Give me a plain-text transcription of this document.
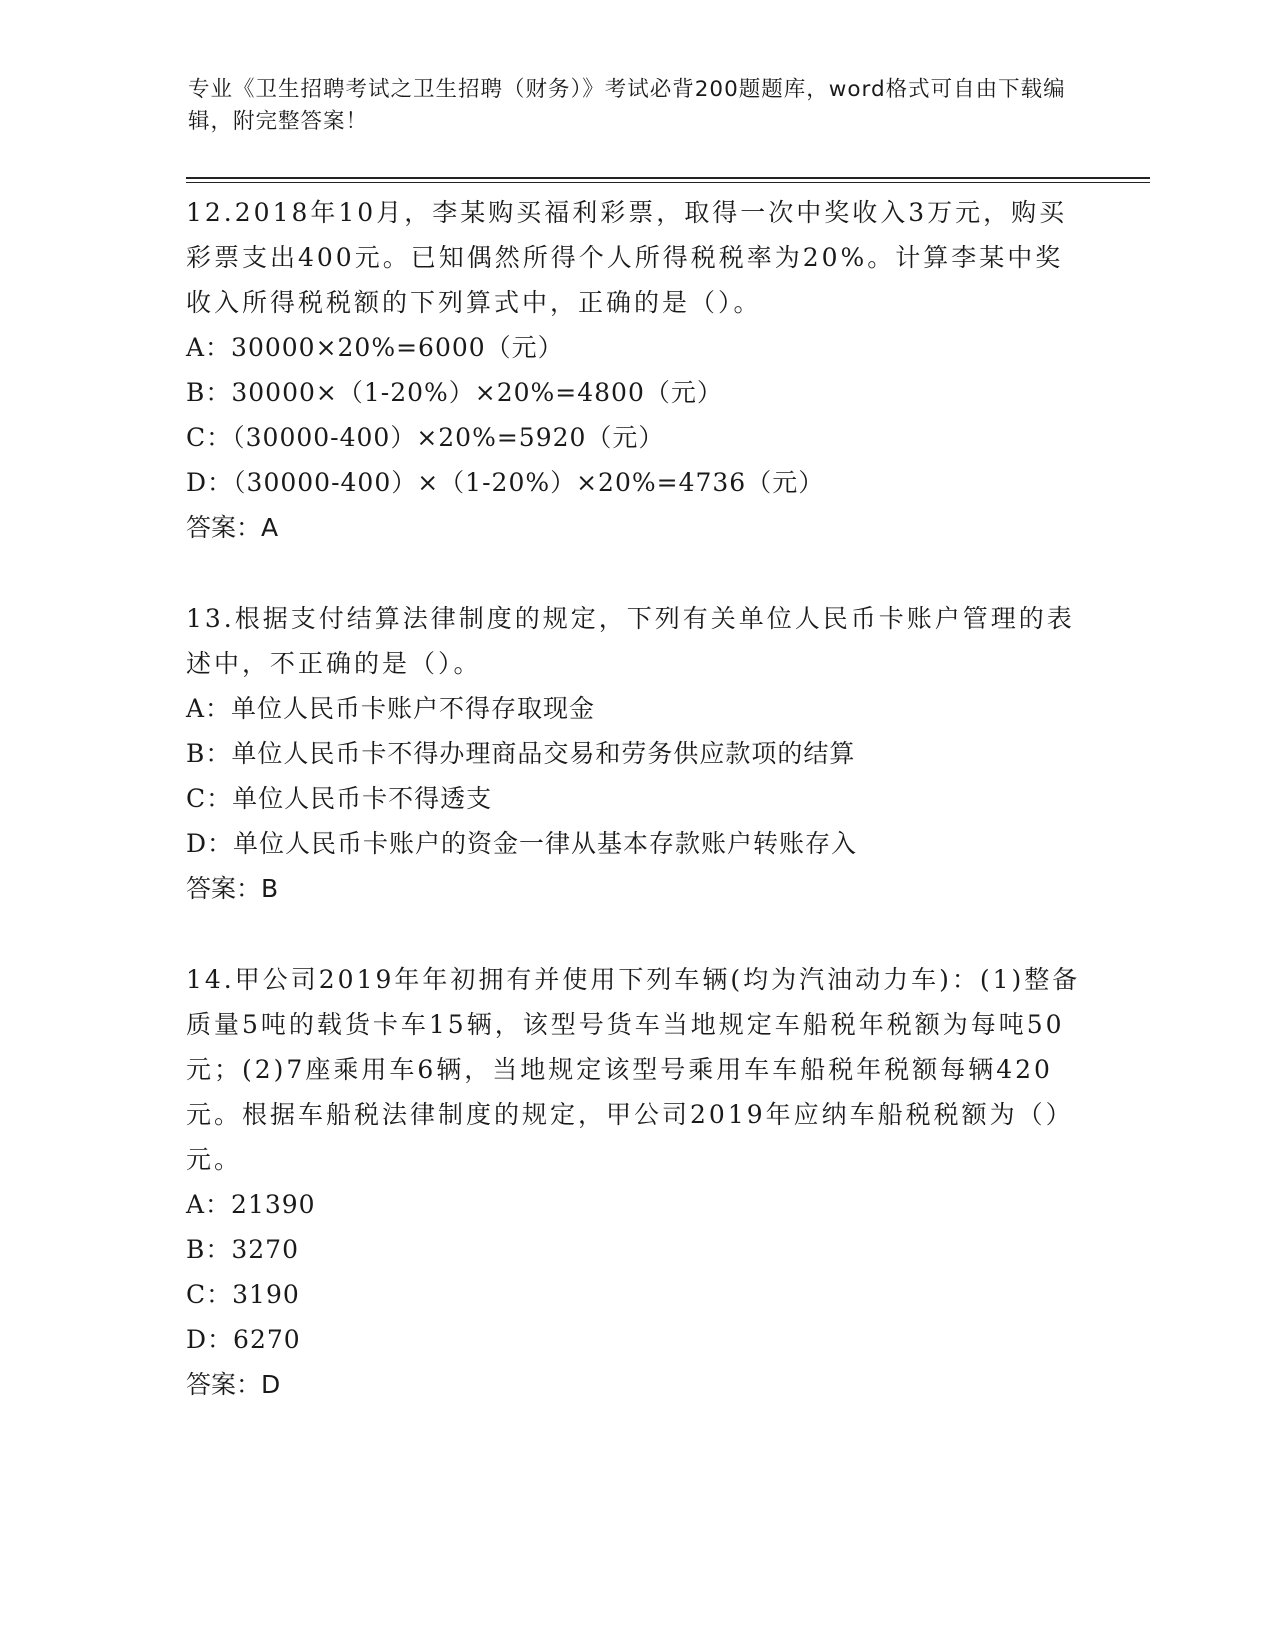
专业《卫生招聘考试之卫生招聘（财务）》考试必背200题题库，word格式可自由下载编辑，附完整答案！

12.2018年10月，李某购买福利彩票，取得一次中奖收入3万元，购买彩票支出400元。已知偶然所得个人所得税税率为20%。计算李某中奖收入所得税税额的下列算式中，正确的是（）。

A：30000×20%=6000（元）

B：30000×（1-20%）×20%=4800（元）

C：（30000-400）×20%=5920（元）

D：（30000-400）×（1-20%）×20%=4736（元）

答案：A

13.根据支付结算法律制度的规定，下列有关单位人民币卡账户管理的表述中，不正确的是（）。

A：单位人民币卡账户不得存取现金

B：单位人民币卡不得办理商品交易和劳务供应款项的结算

C：单位人民币卡不得透支

D：单位人民币卡账户的资金一律从基本存款账户转账存入

答案：B

14.甲公司2019年年初拥有并使用下列车辆(均为汽油动力车)：(1)整备质量5吨的载货卡车15辆，该型号货车当地规定车船税年税额为每吨50元；(2)7座乘用车6辆，当地规定该型号乘用车车船税年税额每辆420元。根据车船税法律制度的规定，甲公司2019年应纳车船税税额为（）元。

A：21390

B：3270

C：3190

D：6270

答案：D
